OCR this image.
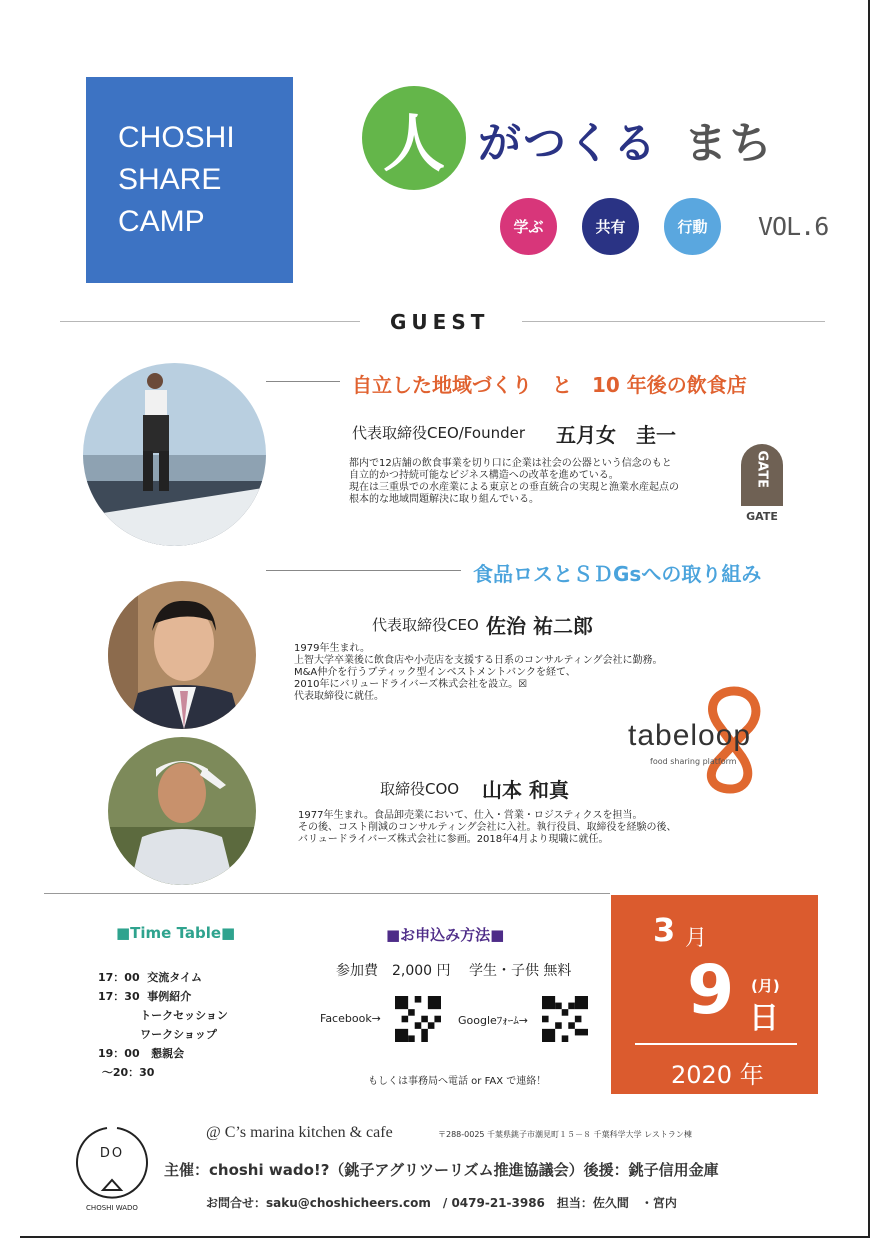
CHOSHI
SHARE
CAMP
人 がつくる まち
学ぶ	共有	行動	VOL.6
GUEST
自立した地域づくり　と　10 年後の飲食店
代表取締役CEO/Founder 五月女　圭一
都内で12店舗の飲食事業を切り口に企業は社会の公器という信念のもと
自立的かつ持続可能なビジネス構造への改革を進めている。
現在は三重県での水産業による東京との垂直統合の実現と漁業水産起点の
根本的な地域問題解決に取り組んでいる。
GATE
GATE
食品ロスとＳＤGsへの取り組み
代表取締役CEO 佐治 祐二郎
1979年生まれ。
上智大学卒業後に飲食店や小売店を支援する日系のコンサルティング会社に勤務。
M&A仲介を行うブティック型インベストメントバンクを経て、
2010年にバリュードライバーズ株式会社を設立。☒
代表取締役に就任。
取締役COO 山本 和真
1977年生まれ。食品卸売業において、仕入・営業・ロジスティクスを担当。
その後、コスト削減のコンサルティング会社に入社。執行役員、取締役を経験の後、
バリュードライバーズ株式会社に参画。2018年4月より現職に就任。
tabeloop
food sharing platform
■Time Table■
17：00  交流タイム
17：30  事例紹介
トークセッション
ワークショップ
19：00   懇親会
～20：30
■お申込み方法■
参加費　2,000 円　 学生・子供 無料
Facebook→	Googleﾌｫｰﾑ→
もしくは事務局へ電話 or FAX で連絡！
3 月
9 (月)
日
2020 年
DO
CHOSHI WADO
@ C’s marina kitchen & cafe	〒288-0025 千葉県銚子市潮見町１５－８ 千葉科学大学 レストラン棟
主催：choshi wado!?（銚子アグリツーリズム推進協議会）後援：銚子信用金庫
お問合せ：saku@choshicheers.com　/ 0479-21-3986　担当：佐久間　・宮内
